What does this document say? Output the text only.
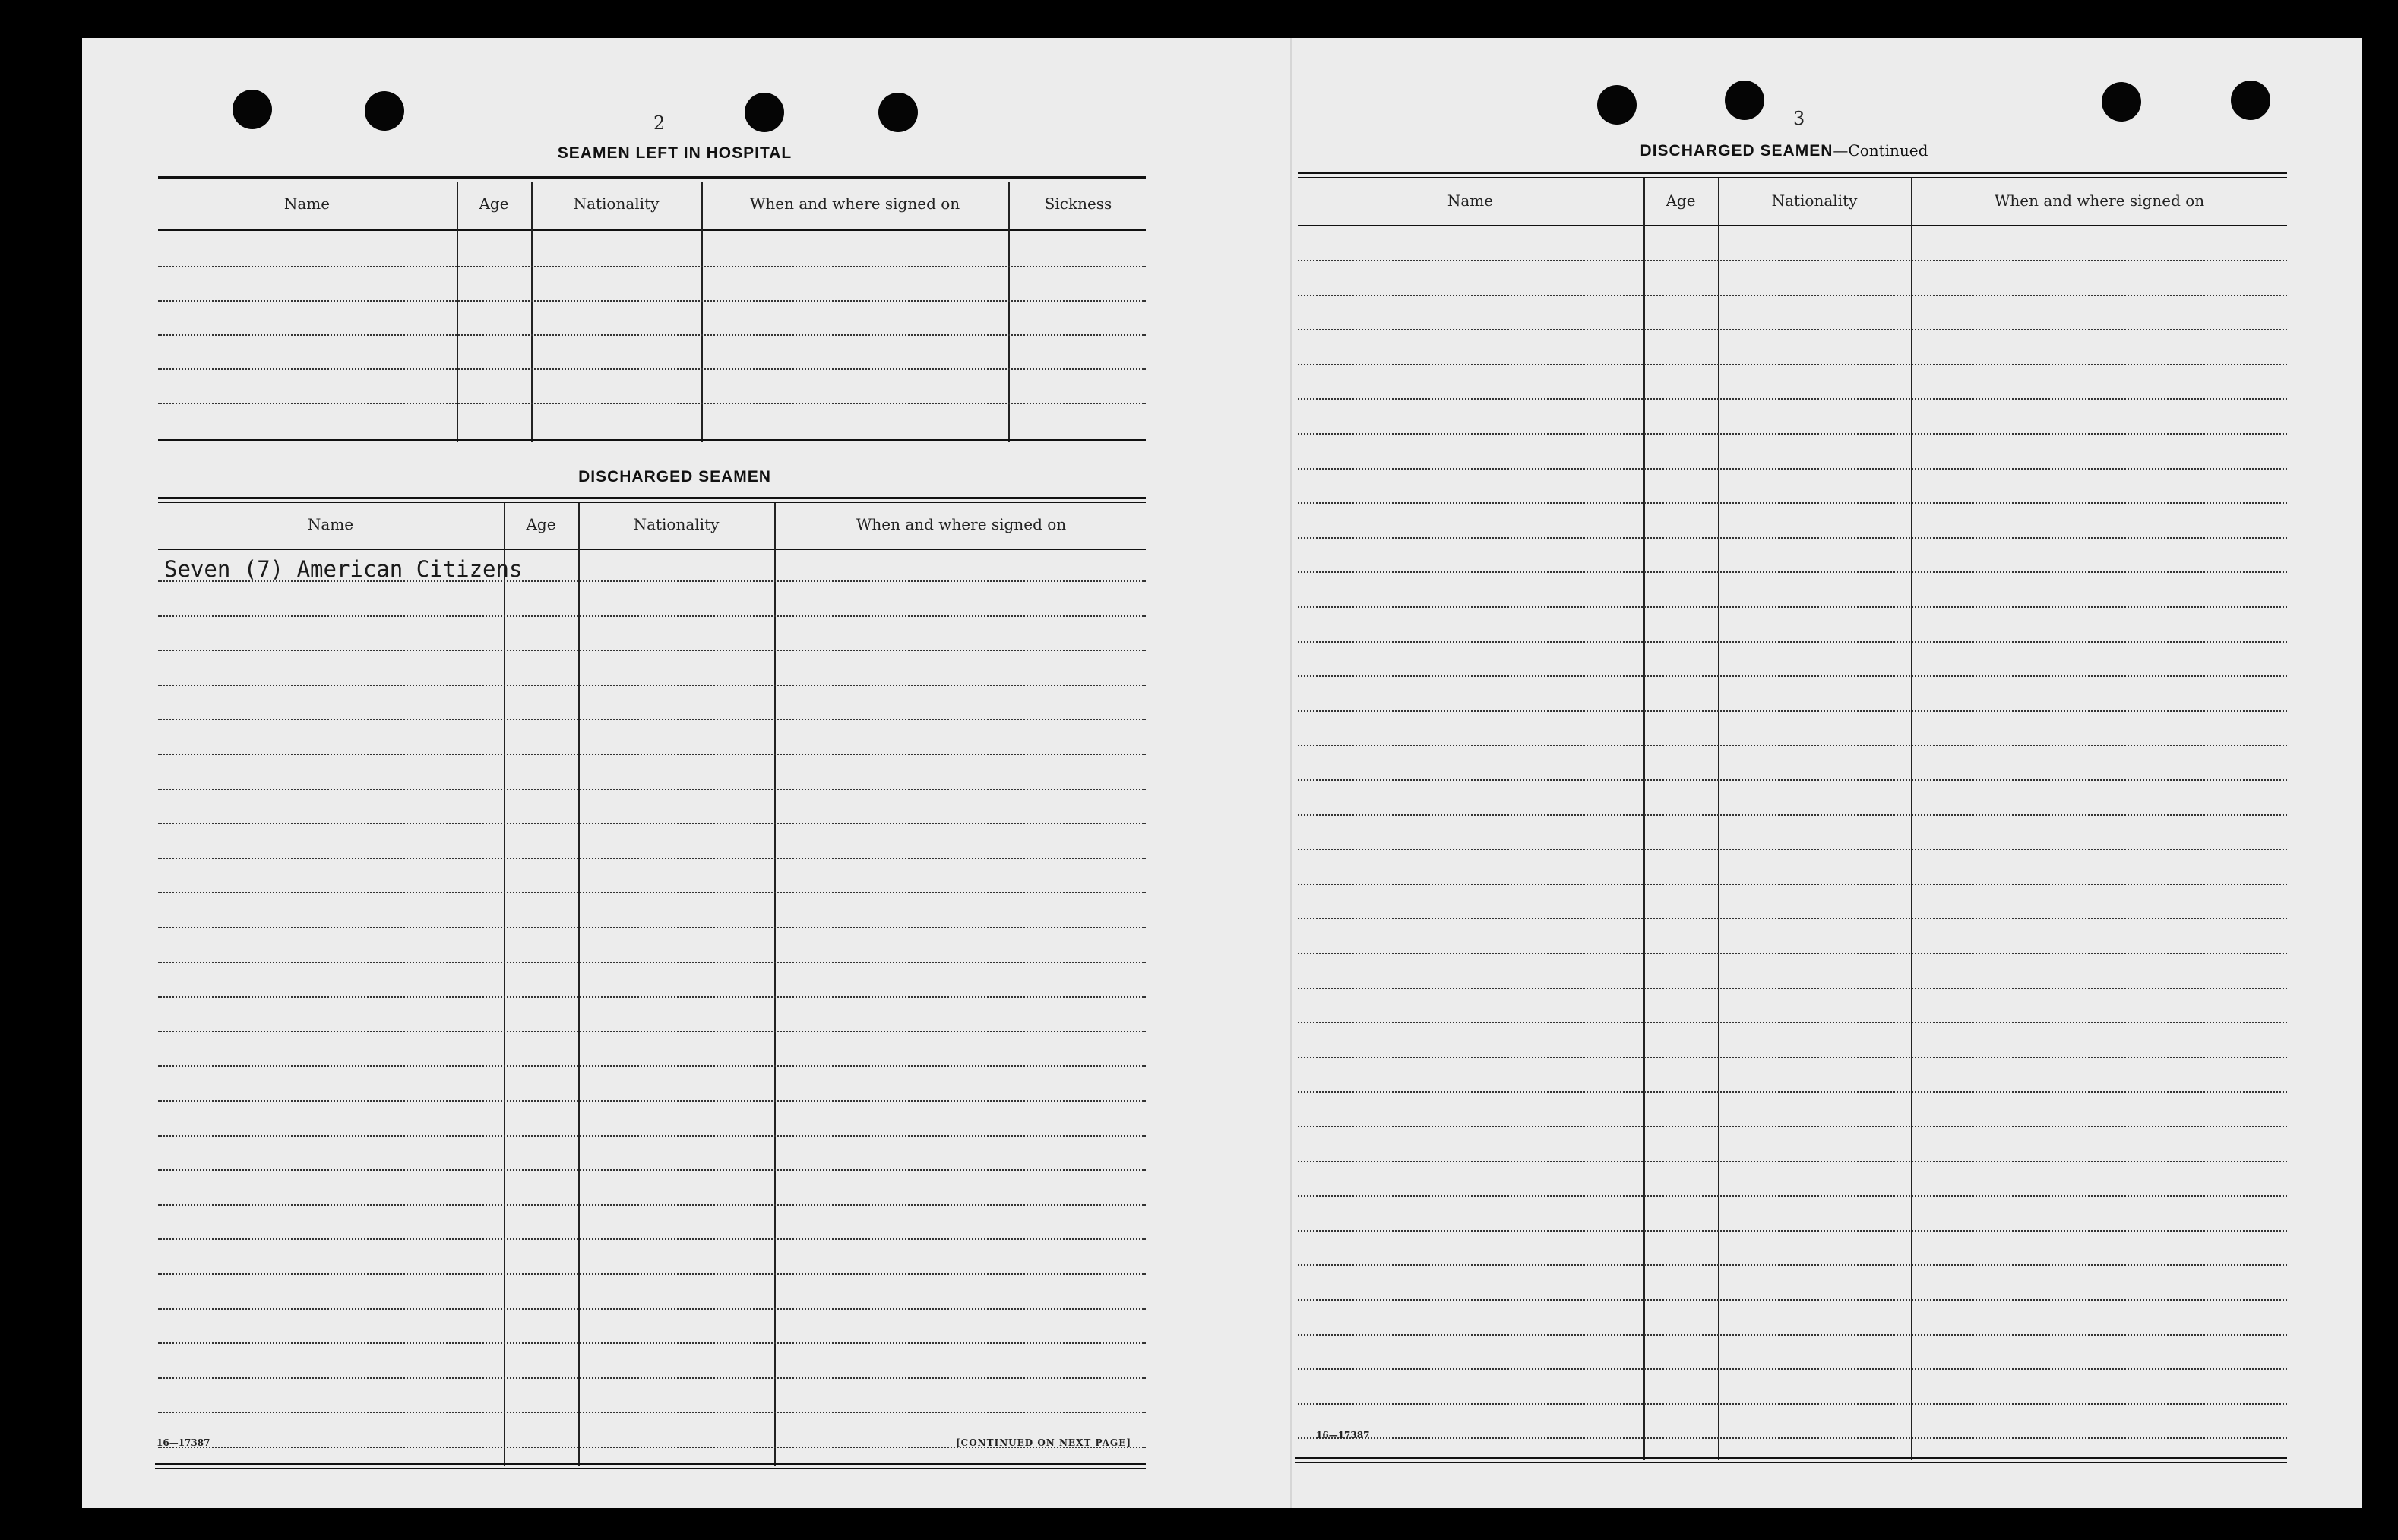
2
SEAMEN LEFT IN HOSPITAL
Name	Age	Nationality	When and where signed on	Sickness
DISCHARGED SEAMEN
Name	Age	Nationality	When and where signed on
Seven (7) American Citizens
16—17387	[CONTINUED ON NEXT PAGE]
3
DISCHARGED SEAMEN—Continued
Name	Age	Nationality	When and where signed on
16—17387
